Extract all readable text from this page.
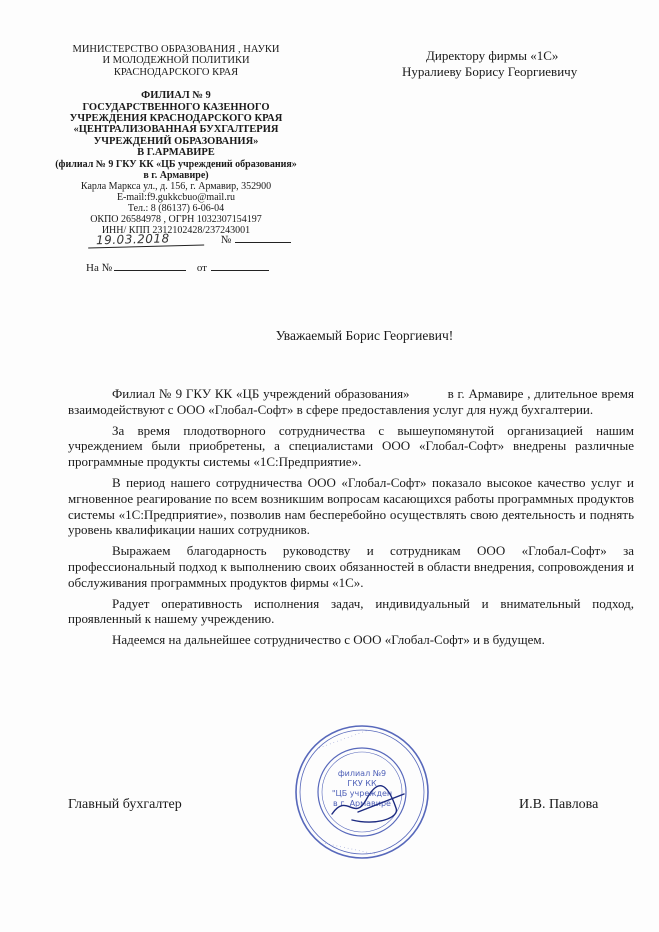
МИНИСТЕРСТВО ОБРАЗОВАНИЯ , НАУКИ
И МОЛОДЕЖНОЙ ПОЛИТИКИ
КРАСНОДАРСКОГО КРАЯ
ФИЛИАЛ № 9
ГОСУДАРСТВЕННОГО КАЗЕННОГО
УЧРЕЖДЕНИЯ КРАСНОДАРСКОГО КРАЯ
«ЦЕНТРАЛИЗОВАННАЯ БУХГАЛТЕРИЯ
УЧРЕЖДЕНИЙ ОБРАЗОВАНИЯ»
В Г.АРМАВИРЕ
(филиал № 9 ГКУ КК «ЦБ учреждений образования»
в г. Армавире)
Карла Маркса ул., д. 156, г. Армавир, 352900
E-mail:f9.gukkcbuo@mail.ru
Тел.: 8 (86137) 6-06-04
ОКПО 26584978 , ОГРН 1032307154197
ИНН/ КПП 2312102428/237243001
19.03.2018	№
На №	от
Директору фирмы «1С»
Нуралиеву Борису Георгиевичу
Уважаемый Борис Георгиевич!

Филиал № 9 ГКУ КК «ЦБ учреждений образования»          в г. Армавире , длительное время взаимодействуют с ООО «Глобал-Софт» в сфере предоставления услуг для нужд бухгалтерии.

За время плодотворного сотрудничества с вышеупомянутой организацией нашим учреждением были приобретены, а специалистами ООО «Глобал-Софт» внедрены различные программные продукты системы «1С:Предприятие».

В период нашего сотрудничества ООО «Глобал-Софт» показало высокое качество услуг и мгновенное реагирование по всем возникшим вопросам касающихся работы программных продуктов системы «1С:Предприятие», позволив нам бесперебойно осуществлять свою деятельность и поднять уровень квалификации наших сотрудников.

Выражаем благодарность руководству и сотрудникам ООО «Глобал-Софт» за профессиональный подход к выполнению своих обязанностей в области внедрения, сопровождения и обслуживания программных продуктов фирмы «1С».

Радует оперативность исполнения задач, индивидуальный и внимательный подход, проявленный к нашему учреждению.

Надеемся на дальнейшее сотрудничество с ООО «Глобал-Софт» и в будущем.

· · · · · · · · · · · · · ·
· · · · · · · · · · · · · ·
филиал №9
ГКУ КК
"ЦБ учрежден
в г. Армавире
Главный бухгалтер	И.В. Павлова
